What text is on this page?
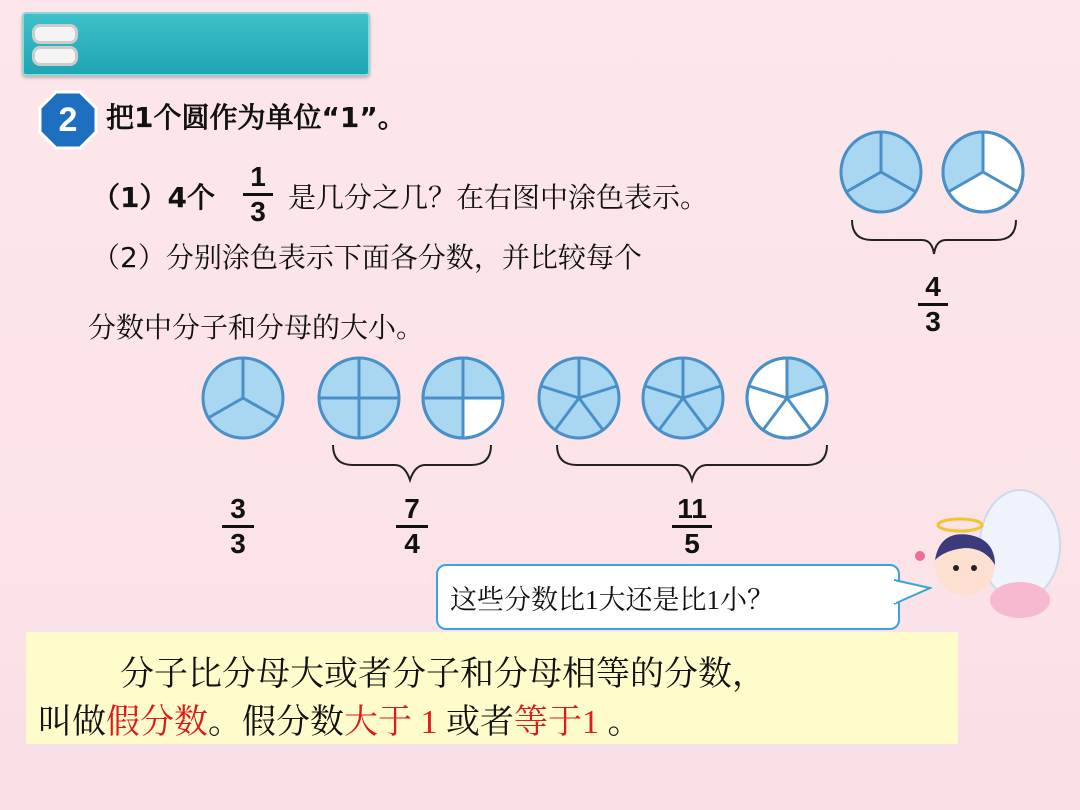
2	把1个圆作为单位“1”。
（1）4个
1
3 是几分之几？在右图中涂色表示。
（2）分别涂色表示下面各分数，并比较每个
分数中分子和分母的大小。
4
3
3
3
7
4
11
5
这些分数比1大还是比1小？
分子比分母大或者分子和分母相等的分数，
叫做假分数。假分数大于 1 或者等于1 。
